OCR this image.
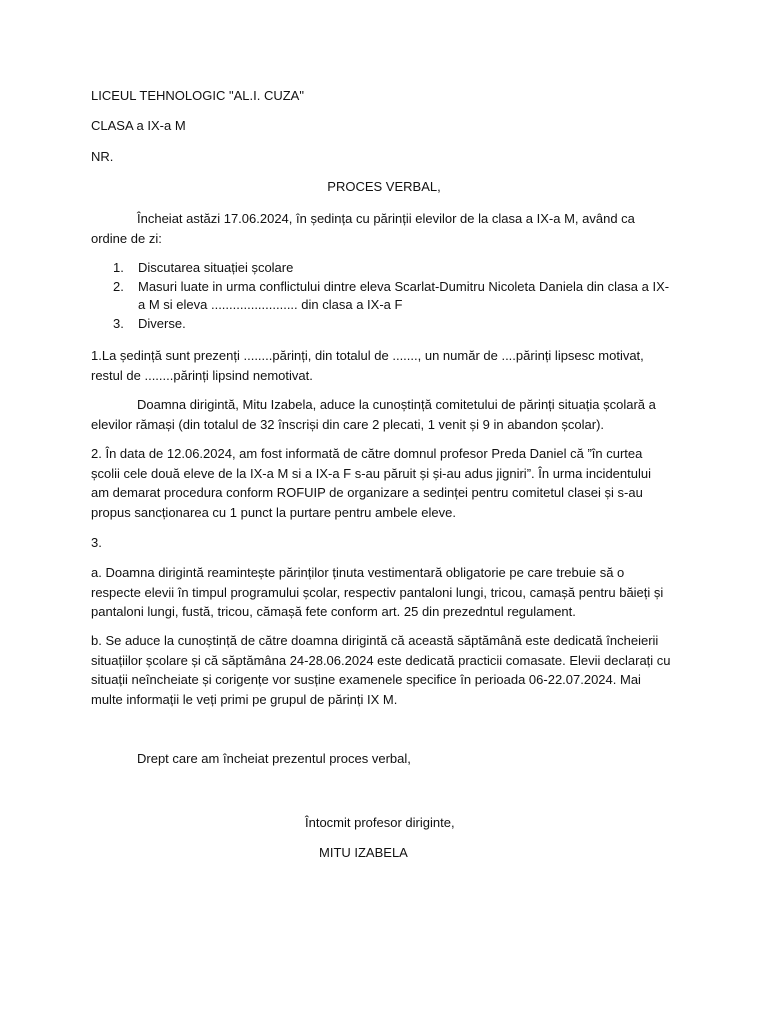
LICEUL TEHNOLOGIC "AL.I. CUZA"
CLASA a IX-a M
NR.
PROCES VERBAL,
Încheiat astăzi 17.06.2024, în ședința cu părinții elevilor de la clasa a IX-a M, având ca ordine de zi:
1. Discutarea situației școlare
2. Masuri luate in urma conflictului dintre eleva Scarlat-Dumitru Nicoleta Daniela din clasa a IX-a M si eleva ........................ din clasa a IX-a F
3. Diverse.
1.La ședință sunt prezenți ........părinți, din totalul de ......., un număr de ....părinți lipsesc motivat, restul de ........părinți lipsind nemotivat.
Doamna dirigintă, Mitu Izabela, aduce la cunoștință comitetului de părinți situația școlară a elevilor rămași (din totalul de 32 înscriși din care 2 plecati, 1 venit și 9 in abandon școlar).
2. În data de 12.06.2024, am fost informată de către domnul profesor Preda Daniel că ”în curtea școlii cele două eleve de la IX-a M si a IX-a F s-au păruit și și-au adus jigniri”. În urma incidentului am demarat procedura conform ROFUIP de organizare a sedinței pentru comitetul clasei și s-au propus sancționarea cu 1 punct la purtare pentru ambele eleve.
3.
a. Doamna dirigintă reamintește părinților ținuta vestimentară obligatorie pe care trebuie să o respecte elevii în timpul programului școlar, respectiv pantaloni lungi, tricou, camașă pentru băieți și pantaloni lungi, fustă, tricou, cămașă fete conform art. 25 din prezedntul regulament.
b. Se aduce la cunoștință de către doamna dirigintă că această săptămână este dedicată încheierii situațiilor școlare și că săptămâna 24-28.06.2024 este dedicată practicii comasate. Elevii declarați cu situații neîncheiate și corigențe vor susține examenele specifice în perioada 06-22.07.2024. Mai multe informații le veți primi pe grupul de părinți IX M.
Drept care am încheiat prezentul proces verbal,
Întocmit profesor diriginte,
MITU IZABELA
